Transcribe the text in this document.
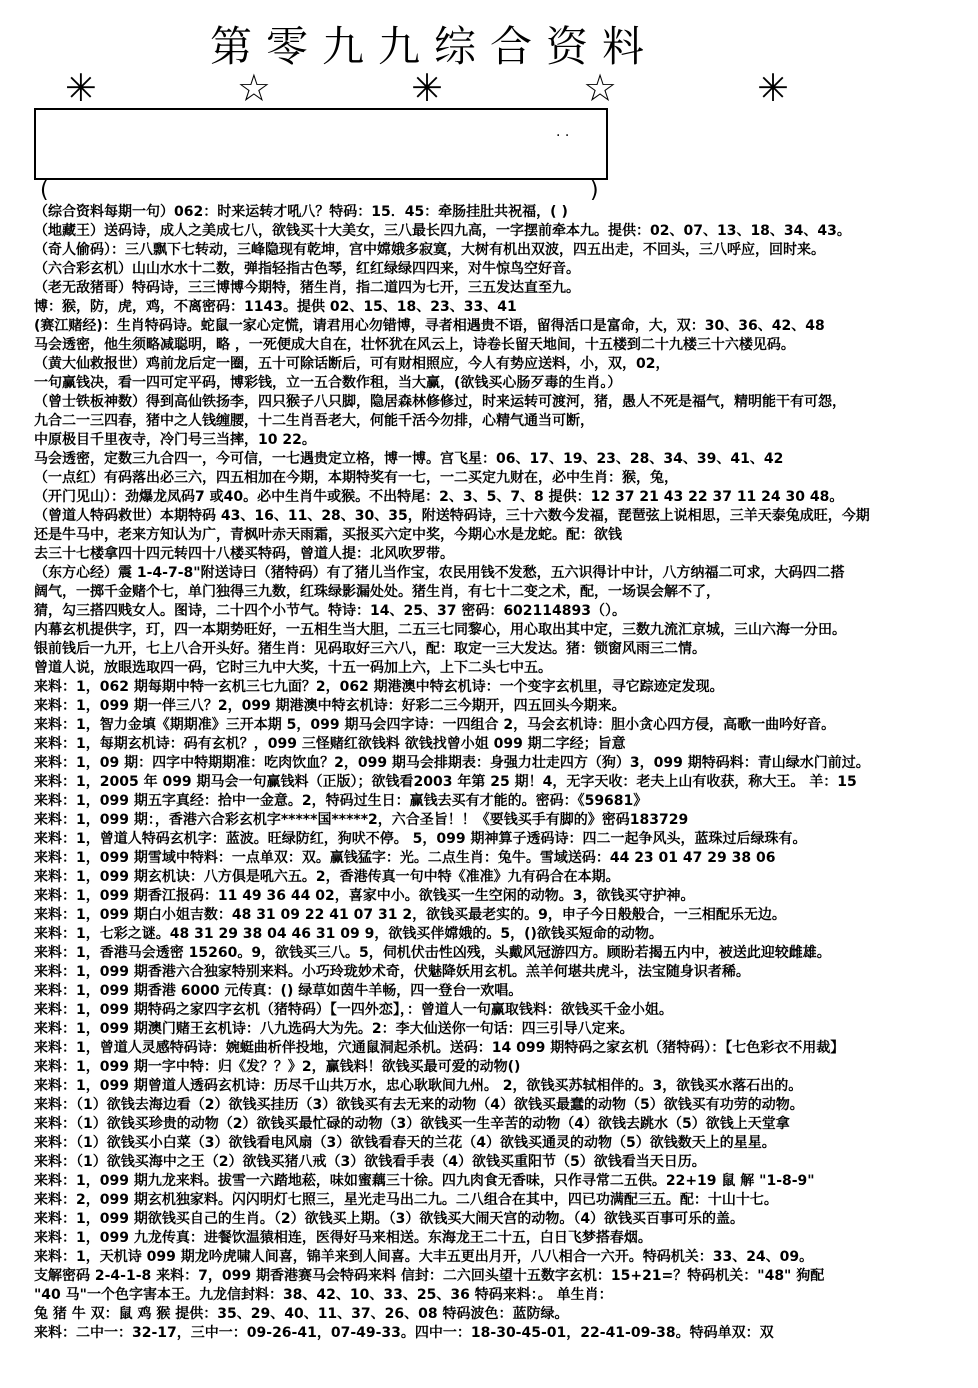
第零九九综合资料
✳ ☆ ✳ ☆ ✳
· ·
(	)
（综合资料每期一句）062：时来运转才吼八？特码：15．45：牵肠挂肚共祝福，( )
（地藏王）送码诗，成人之美成七八，欲钱买十大美女，三八最长四九高，一字摆前牵本九。提供：02、07、13、18、34、43。
（奇人偷码）：三八飘下七转动，三峰隐现有乾坤，宫中嫦娥多寂寞，大树有机出双波，四五出走，不回头，三八呼应，回时来。
（六合彩玄机）山山水水十二数，弹指轻指古色琴，红红绿绿四四来，对牛惊鸟空好音。
（老无敌猪哥）特码诗，三三博博今期特，猪生肖，指二道四为七开，三五发达直至九。
博：猴，防，虎，鸡，不离密码：1143。提供 02、15、18、23、33、41
(赛江赌经)：生肖特码诗。蛇鼠一家心定慌，请君用心勿错博，寻者相遇贵不语，留得活口是富命，大，双：30、36、42、48
马会透密，他生须略减聪明，略 ，一死便成大自在，壮怀犹在风云上，诗卷长留天地间，十五楼到二十九楼三十六楼见码。
（黄大仙救报世）鸡前龙后定一圈，五十可除话断后，可有财相照应，今人有势应送料，小，双，02，
一句赢钱决，看一四可定平码，博彩钱，立一五合数作租，当大赢，(欲钱买心肠歹毒的生肖。）
（曾士铁板神数）得到高仙铁扬李，四只猴子八只脚，隐居森林修修过，时来运转可渡河，猪，愚人不死是福气，精明能干有可怨，
九合二一三四春，猪中之人钱缠腰，十二生肖吾老大，何能千活今勿排，心精气通当可断，
中原极目千里夜寺，冷门号三当摔，10 22。
马会透密，定数三九合四一，今可信，一七遇贵定立格，博一博。宫飞星：06、17、19、23、28、34、39、41、42
（一点红）有码落出必三六，四五相加在今期，本期特奖有一七，一二买定九财在，必中生肖：猴，兔，
（开门见山）：劲爆龙凤码7 或40。必中生肖牛或猴。不出特尾：2、3、5、7、8 提供：12 37 21 43 22 37 11 24 30 48。
（曾道人特码救世）本期特码 43、16、11、28、30、35，附送特码诗，三十六数今发福，琵琶弦上说相思，三羊天泰兔成旺，今期
还是牛马中，老来方知认为广，青枫叶赤天雨霜，买报买六定中奖，今期心水是龙蛇。配：欲钱
去三十七楼拿四十四元转四十八楼买特码，曾道人提：北风吹罗带。
（东方心经）震 1-4-7-8"附送诗曰（猪特码）有了猪儿当作宝，农民用钱不发愁，五六识得计中计，八方纳福二可求，大码四二搭
阔气，一掷千金赌个七，单门独得三九数，红珠绿影漏处处。猪生肖，有七十二变之术，配，一场误会解不了，
猜，勾三搭四贱女人。图诗，二十四个小节气。特诗：14、25、37 密码：602114893（）。
内幕玄机提供字，玎，四一本期势旺好，一五相生当大胆，二五三七同黎心，用心取出其中定，三数九流汇京城，三山六海一分田。
银前钱后一九开，七上八合开头好。猪生肖：见码取好三六八，配：取定一三大发达。猪：锁窗风雨三二情。
曾道人说，放眼选取四一码，它时三九中大奖，十五一码加上六，上下二头七中五。
来料：1，062 期每期中特一玄机三七九面？2，062 期港澳中特玄机诗：一个变字玄机里，寻它踪迹定发现。
来料：1，099 期一伴三八？2，099 期港澳中特玄机诗：好彩二三今期开，四五回头今期来。
来料：1，智力金填《期期准》三开本期 5，099 期马会四字诗：一四组合 2，马会玄机诗：胆小贪心四方侵，高歌一曲吟好音。
来料：1，每期玄机诗：码有玄机？，099 三怪赌红欲钱料 欲钱找曾小姐 099 期二字经；旨意
来料：1，09 期：四字中特期期准：吃肉饮血？2，099 期马会排期表：身强力壮走四方（狗）3，099 期特码料：青山绿水门前过。
来料：1，2005 年 099 期马会一句赢钱料（正版）；欲钱看2003 年第 25 期！4，无字天收：老夫上山有收获，称大王。 羊：15
来料：1，099 期五字真经：拾中一金意。2，特码过生日：赢钱去买有才能的。密码：《59681》
来料：1，099 期：，香港六合彩玄机字*****国*****2，六合圣旨！！《要钱买手有脚的》密码183729
来料：1，曾道人特码玄机字：蓝波。旺绿防红，狗吠不停。 5，099 期神算子透码诗：四二一起争风头，蓝珠过后绿珠有。
来料：1，099 期雪域中特料：一点单双：双。赢钱猛字：光。二点生肖：兔牛。雪域送码：44 23 01 47 29 38 06
来料：1，099 期玄机诀：八方俱是吼六五。2，香港传真一句中特《准准》九有码合在本期。
来料：1，099 期香江报码：11 49 36 44 02，喜家中小。欲钱买一生空闲的动物。3，欲钱买守护神。
来料：1，099 期白小姐吉数：48 31 09 22 41 07 31 2，欲钱买最老实的。9，申子今日般般合，一三相配乐无边。
来料：1，七彩之谜。48 31 29 38 04 46 31 09 9，欲钱买伴嫦娥的。5，()欲钱买短命的动物。
来料：1，香港马会透密 15260。9，欲钱买三八。5，伺机伏击性凶残，头戴风冠游四方。顾盼若揭五内中，被送此迎较雌雄。
来料：1，099 期香港六合独家特别来料。小巧玲珑妙术奇，伏魅降妖用玄机。羔羊何堪共虎斗，法宝随身识者稀。
来料：1，099 期香港 6000 元传真：() 绿草如茵牛羊畅，四一登台一欢唱。
来料：1，099 期特码之家四字玄机（猪特码）【一四外恋】，：曾道人一句赢取钱料：欲钱买千金小姐。
来料：1，099 期澳门赌王玄机诗：八九选码大为先。2：李大仙送你一句话：四三引导八定来。
来料：1，曾道人灵感特码诗：婉蜓曲析伴投地，穴通鼠洞起杀机。送码：14 099 期特码之家玄机（猪特码）：【七色彩衣不用裁】
来料：1，099 期一字中特：归《发？？》2，赢钱料！欲钱买最可爱的动物()
来料：1，099 期曾道人透码玄机诗：历尽千山共万水，忠心耿耿间九州。 2，欲钱买苏轼相伴的。3，欲钱买水落石出的。
来料：（1）欲钱去海边看（2）欲钱买挂历（3）欲钱买有去无来的动物（4）欲钱买最蠢的动物（5）欲钱买有功劳的动物。
来料：（1）欲钱买珍贵的动物（2）欲钱买最忙碌的动物（3）欲钱买一生辛苦的动物（4）欲钱去跳水（5）欲钱上天堂拿
来料：（1）欲钱买小白菜（3）欲钱看电风扇（3）欲钱看春天的兰花（4）欲钱买通灵的动物（5）欲钱数天上的星星。
来料：（1）欲钱买海中之王（2）欲钱买猪八戒（3）欲钱看手表（4）欲钱买重阳节（5）欲钱看当天日历。
来料：1，099 期九龙来料。拔雪一六踏地菘，味如蜜藕三十徐。四九肉食无香味，只作寻常二五供。22+19 鼠 解 "1-8-9"
来料：2，099 期玄机独家料。闪闪明灯七照三，星光走马出二九。二八组合在其中，四已功满配三五。配：十山十七。
来料：1，099 期欲钱买自己的生肖。（2）欲钱买上期。（3）欲钱买大闹天宫的动物。（4）欲钱买百事可乐的盖。
来料：1，099 九龙传真：进餐饮温猿相连，医得好马来相送。东海龙王二十五，白日飞梦搭春烟。
来料：1，天机诗 099 期龙吟虎啸人间喜，锦羊来到人间喜。大丰五更出月开，八八相合一六开。特码机关：33、24、09。
支解密码 2-4-1-8 来料：7，099 期香港赛马会特码来料 信封：二六回头望十五数字玄机：15+21=？特码机关："48" 狗配
"40 马"一个色字害本王。九龙信封料：38、42、10、33、25、36 特码来料：。 单生肖：
兔 猪 牛 双：鼠 鸡 猴 提供：35、29、40、11、37、26、08 特码波色：蓝防绿。
来料：二中一：32-17，三中一：09-26-41，07-49-33。四中一：18-30-45-01，22-41-09-38。特码单双：双
